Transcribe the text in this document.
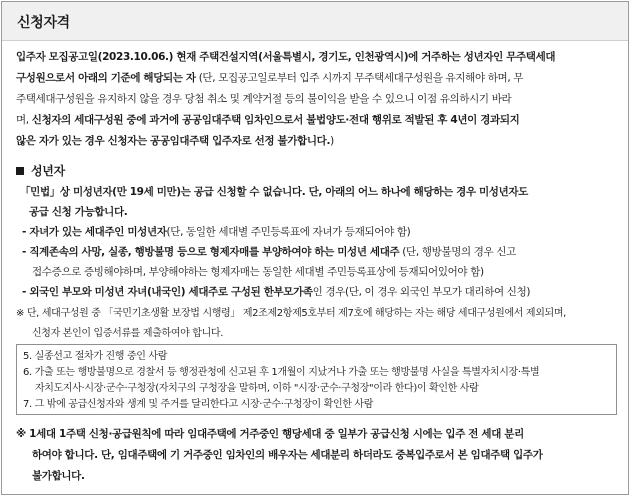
신청자격
입주자 모집공고일(2023.10.06.) 현재 주택건설지역(서울특별시, 경기도, 인천광역시)에 거주하는 성년자인 무주택세대
구성원으로서 아래의 기준에 해당되는 자 (단, 모집공고일로부터 입주 시까지 무주택세대구성원을 유지해야 하며, 무
주택세대구성원을 유지하지 않을 경우 당첨 취소 및 계약거절 등의 불이익을 받을 수 있으니 이점 유의하시기 바라
며, 신청자의 세대구성원 중에 과거에 공공임대주택 임차인으로서 불법양도·전대 행위로 적발된 후 4년이 경과되지
않은 자가 있는 경우 신청자는 공공임대주택 입주자로 선정 불가합니다.)
성년자
「민법」상 미성년자(만 19세 미만)는 공급 신청할 수 없습니다. 단, 아래의 어느 하나에 해당하는 경우 미성년자도
공급 신청 가능합니다.
- 자녀가 있는 세대주인 미성년자(단, 동일한 세대별 주민등록표에 자녀가 등재되어야 함)
- 직계존속의 사망, 실종, 행방불명 등으로 형제자매를 부양하여야 하는 미성년 세대주 (단, 행방불명의 경우 신고
접수증으로 증빙해야하며, 부양해야하는 형제자매는 동일한 세대별 주민등록표상에 등재되어있어야 함)
- 외국인 부모와 미성년 자녀(내국인) 세대주로 구성된 한부모가족인 경우(단, 이 경우 외국인 부모가 대리하여 신청)
※ 단, 세대구성원 중 「국민기초생활 보장법 시행령」 제2조제2항제5호부터 제7호에 해당하는 자는 해당 세대구성원에서 제외되며,
신청자 본인이 입증서류를 제출하여야 합니다.
5. 실종선고 절차가 진행 중인 사람
6. 가출 또는 행방불명으로 경찰서 등 행정관청에 신고된 후 1개월이 지났거나 가출 또는 행방불명 사실을 특별자치시장·특별
자치도지사·시장·군수·구청장(자치구의 구청장을 말하며, 이하 "시장·군수·구청장"이라 한다)이 확인한 사람
7. 그 밖에 공급신청자와 생계 및 주거를 달리한다고 시장·군수·구청장이 확인한 사람
※ 1세대 1주택 신청·공급원칙에 따라 임대주택에 거주중인 행당세대 중 일부가 공급신청 시에는 입주 전 세대 분리
하여야 합니다. 단, 임대주택에 기 거주중인 임차인의 배우자는 세대분리 하더라도 중복입주로서 본 임대주택 입주가
불가합니다.
